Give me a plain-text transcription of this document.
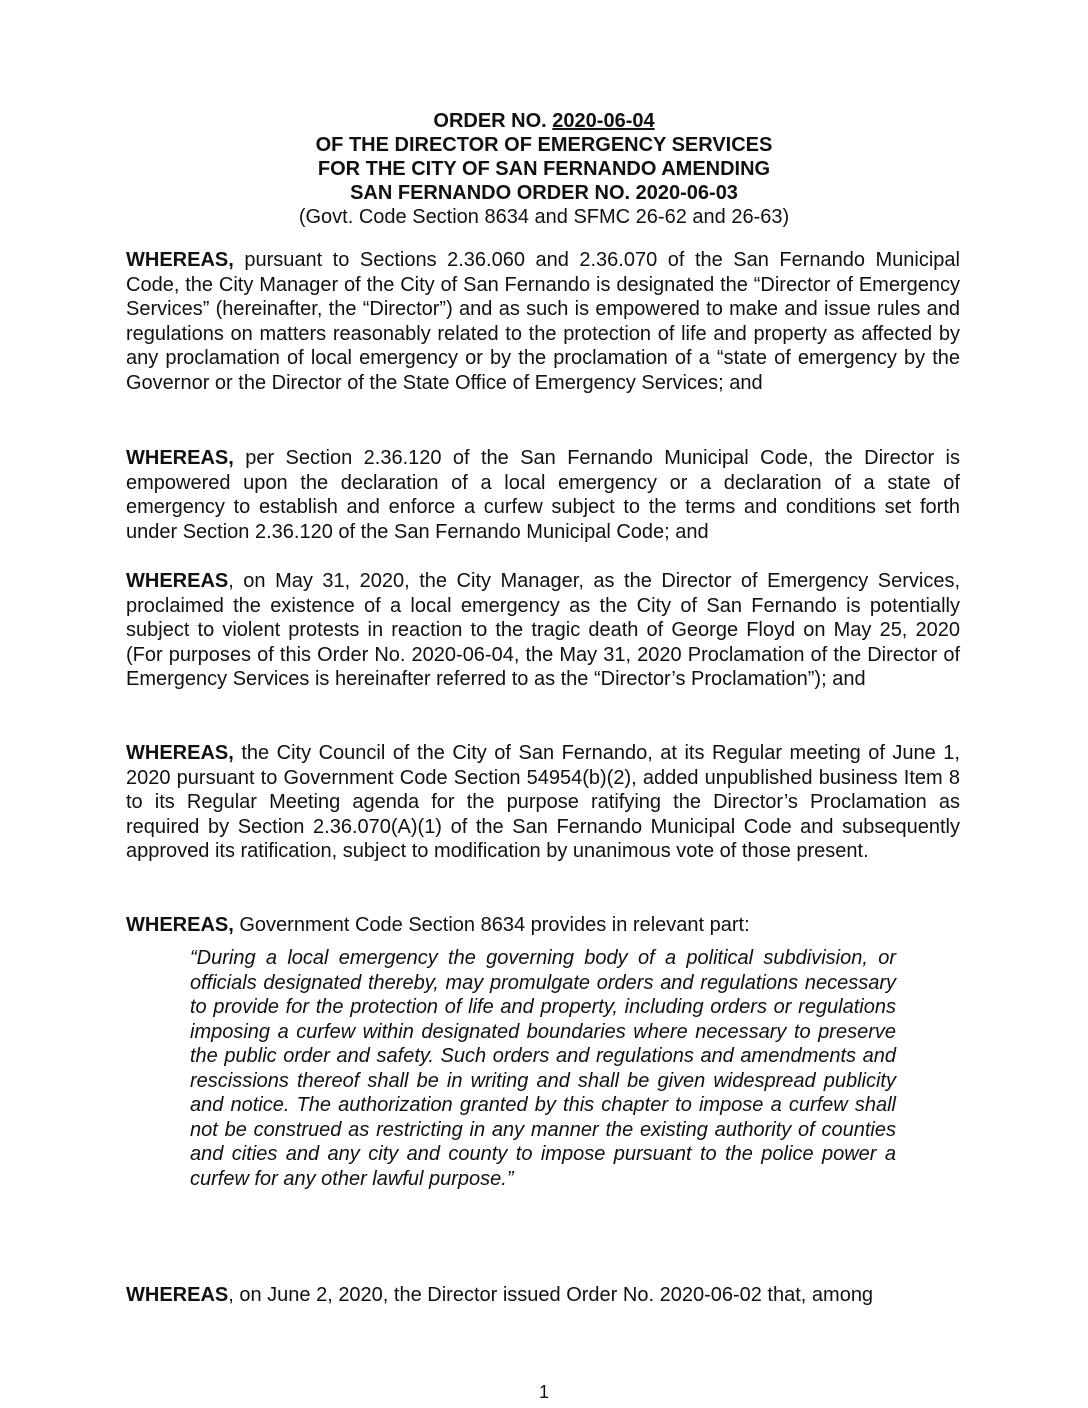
ORDER NO. 2020-06-04
OF THE DIRECTOR OF EMERGENCY SERVICES
FOR THE CITY OF SAN FERNANDO AMENDING
SAN FERNANDO ORDER NO. 2020-06-03
(Govt. Code Section 8634 and SFMC 26-62 and 26-63)
WHEREAS, pursuant to Sections 2.36.060 and 2.36.070 of the San Fernando Municipal Code, the City Manager of the City of San Fernando is designated the “Director of Emergency Services” (hereinafter, the “Director”) and as such is empowered to make and issue rules and regulations on matters reasonably related to the protection of life and property as affected by any proclamation of local emergency or by the proclamation of a “state of emergency by the Governor or the Director of the State Office of Emergency Services; and
WHEREAS, per Section 2.36.120 of the San Fernando Municipal Code, the Director is empowered upon the declaration of a local emergency or a declaration of a state of emergency to establish and enforce a curfew subject to the terms and conditions set forth under Section 2.36.120 of the San Fernando Municipal Code; and
WHEREAS, on May 31, 2020, the City Manager, as the Director of Emergency Services, proclaimed the existence of a local emergency as the City of San Fernando is potentially subject to violent protests in reaction to the tragic death of George Floyd on May 25, 2020 (For purposes of this Order No. 2020-06-04, the May 31, 2020 Proclamation of the Director of Emergency Services is hereinafter referred to as the “Director’s Proclamation”); and
WHEREAS, the City Council of the City of San Fernando, at its Regular meeting of June 1, 2020 pursuant to Government Code Section 54954(b)(2), added unpublished business Item 8 to its Regular Meeting agenda for the purpose ratifying the Director’s Proclamation as required by Section 2.36.070(A)(1) of the San Fernando Municipal Code and subsequently approved its ratification, subject to modification by unanimous vote of those present.
WHEREAS, Government Code Section 8634 provides in relevant part:
“During a local emergency the governing body of a political subdivision, or officials designated thereby, may promulgate orders and regulations necessary to provide for the protection of life and property, including orders or regulations imposing a curfew within designated boundaries where necessary to preserve the public order and safety. Such orders and regulations and amendments and rescissions thereof shall be in writing and shall be given widespread publicity and notice. The authorization granted by this chapter to impose a curfew shall not be construed as restricting in any manner the existing authority of counties and cities and any city and county to impose pursuant to the police power a curfew for any other lawful purpose.”
WHEREAS, on June 2, 2020, the Director issued Order No. 2020-06-02 that, among
1
